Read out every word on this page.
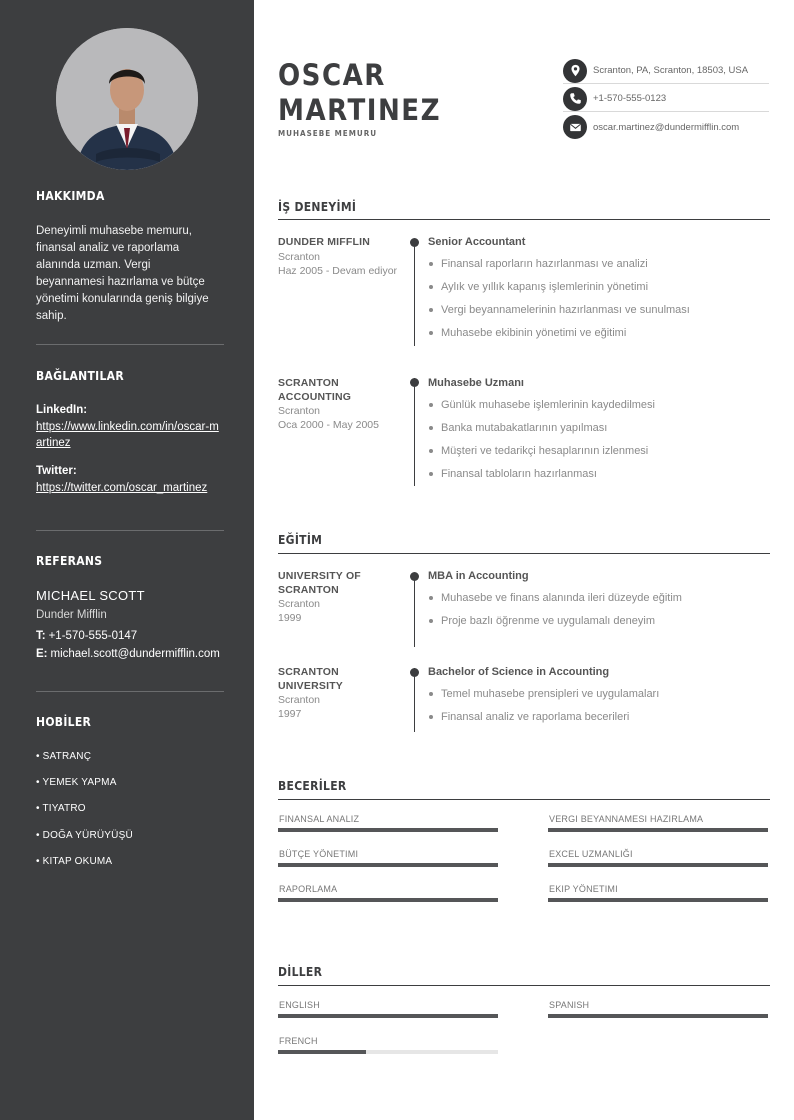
HAKKIMDA
Deneyimli muhasebe memuru, finansal analiz ve raporlama alanında uzman. Vergi beyannamesi hazırlama ve bütçe yönetimi konularında geniş bilgiye sahip.
BAĞLANTILAR
LinkedIn:
https://www.linkedin.com/in/oscar-martinez
Twitter:
https://twitter.com/oscar_martinez
REFERANS
MICHAEL SCOTT
Dunder Mifflin
T: +1-570-555-0147
E: michael.scott@dundermifflin.com
HOBİLER
• SATRANÇ
• YEMEK YAPMA
• TIYATRO
• DOĞA YÜRÜYÜŞÜ
• KITAP OKUMA
OSCAR
MARTINEZ
MUHASEBE MEMURU
Scranton, PA, Scranton, 18503, USA
+1-570-555-0123
oscar.martinez@dundermifflin.com
İŞ DENEYİMİ
DUNDER MIFFLIN
Scranton
Haz 2005 - Devam ediyor
Senior Accountant
Finansal raporların hazırlanması ve analizi
Aylık ve yıllık kapanış işlemlerinin yönetimi
Vergi beyannamelerinin hazırlanması ve sunulması
Muhasebe ekibinin yönetimi ve eğitimi
SCRANTON ACCOUNTING
Scranton
Oca 2000 - May 2005
Muhasebe Uzmanı
Günlük muhasebe işlemlerinin kaydedilmesi
Banka mutabakatlarının yapılması
Müşteri ve tedarikçi hesaplarının izlenmesi
Finansal tabloların hazırlanması
EĞİTİM
UNIVERSITY OF SCRANTON
Scranton
1999
MBA in Accounting
Muhasebe ve finans alanında ileri düzeyde eğitim
Proje bazlı öğrenme ve uygulamalı deneyim
SCRANTON UNIVERSITY
Scranton
1997
Bachelor of Science in Accounting
Temel muhasebe prensipleri ve uygulamaları
Finansal analiz ve raporlama becerileri
BECERİLER
FINANSAL ANALIZ	VERGI BEYANNAMESI HAZIRLAMA
BÜTÇE YÖNETIMI	EXCEL UZMANLIĞI
RAPORLAMA	EKIP YÖNETIMI
DİLLER
ENGLISH	SPANISH
FRENCH
